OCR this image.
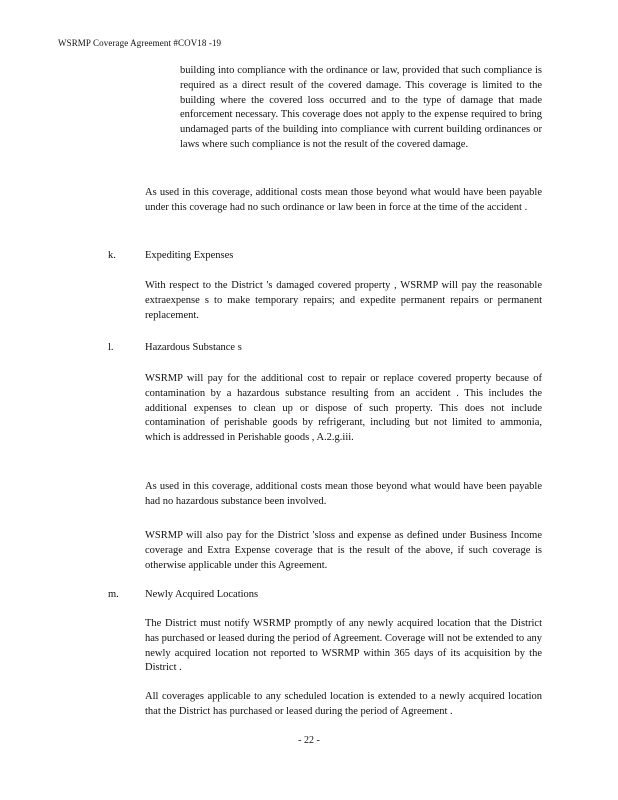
WSRMP Coverage Agreement #COV18 -19
building into compliance with the ordinance or law, provided that such compliance is required as a direct result of the covered damage. This coverage is limited to the building where the covered loss occurred and to the type of damage that made enforcement necessary. This coverage does not apply to the expense required to bring undamaged parts of the building into compliance with current building ordinances or laws where such compliance is not the result of the covered damage.
As used in this coverage, additional costs mean those beyond what would have been payable under this coverage had no such ordinance or law been in force at the time of the accident .
k.	Expediting Expenses
With respect to the District 's damaged covered property , WSRMP will pay the reasonable extraexpense s to make temporary repairs; and expedite permanent repairs or permanent replacement.
l.	Hazardous Substance s
WSRMP will pay for the additional cost to repair or replace covered property because of contamination by a hazardous substance resulting from an accident . This includes the additional expenses to clean up or dispose of such property. This does not include contamination of perishable goods by refrigerant, including but not limited to ammonia, which is addressed in Perishable goods , A.2.g.iii.
As used in this coverage, additional costs mean those beyond what would have been payable had no hazardous substance been involved.
WSRMP will also pay for the District 'sloss and expense as defined under Business Income coverage and Extra Expense coverage that is the result of the above, if such coverage is otherwise applicable under this Agreement.
m. Newly Acquired Locations
The District must notify WSRMP promptly of any newly acquired location that the District has purchased or leased during the period of Agreement. Coverage will not be extended to any newly acquired location not reported to WSRMP within 365 days of its acquisition by the District .
All coverages applicable to any scheduled location is extended to a newly acquired location that the District has purchased or leased during the period of Agreement .
- 22 -
